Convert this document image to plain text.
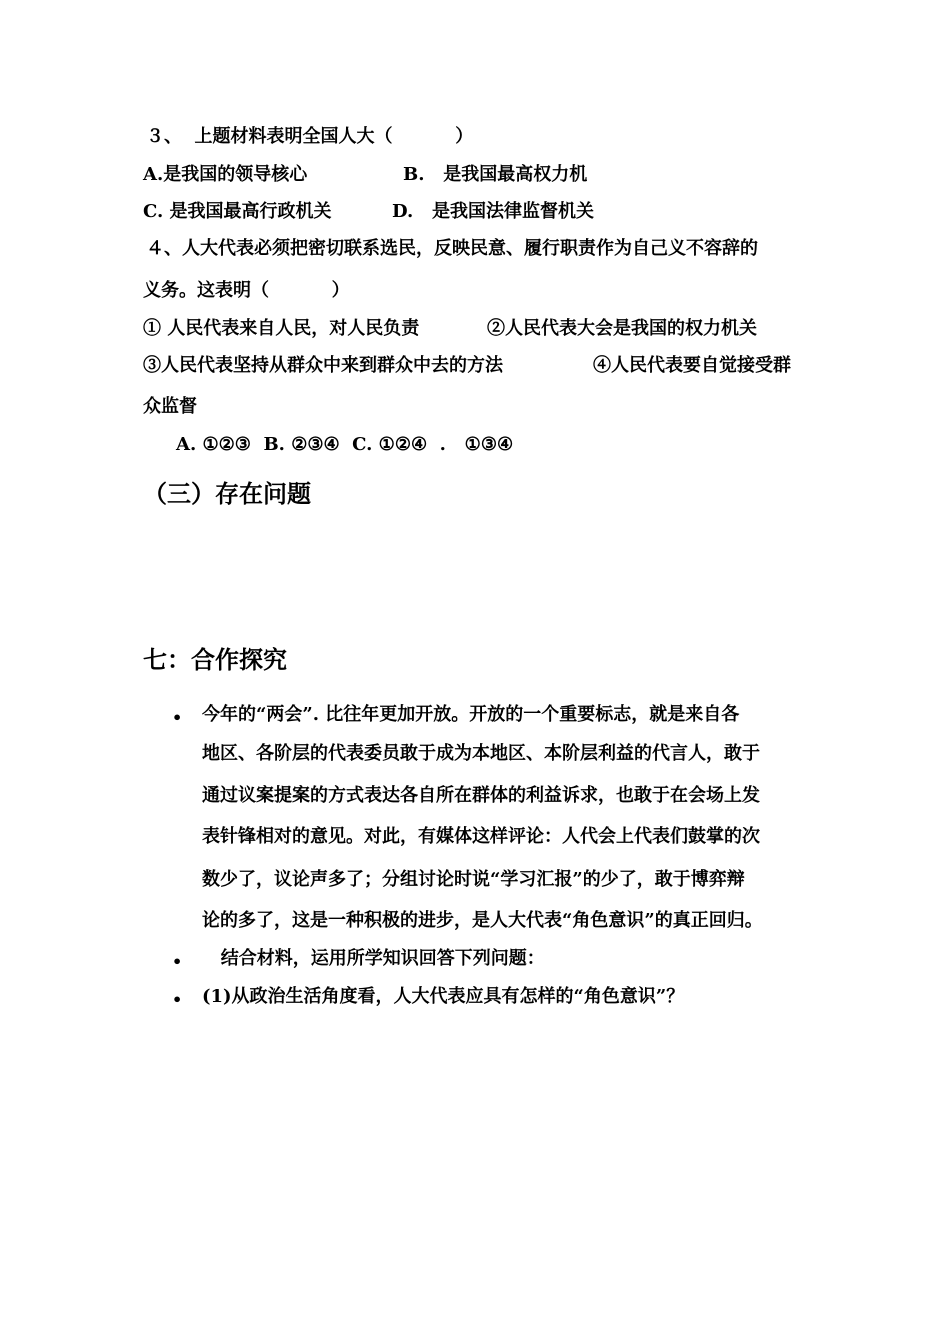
３、  上题材料表明全国人大（          ）
A.是我国的领导核心	B.   是我国最高权力机
C. 是我国最高行政机关	D.   是我国法律监督机关
４、人大代表必须把密切联系选民，反映民意、履行职责作为自己义不容辞的
义务。这表明（          ）
① 人民代表来自人民，对人民负责	②人民代表大会是我国的权力机关
③人民代表坚持从群众中来到群众中去的方法	④人民代表要自觉接受群
众监督
A. ①②③  B. ②③④  C. ①②④  .   ①③④
（三）存在问题
七：合作探究
• 今年的“两会”. 比往年更加开放。开放的一个重要标志，就是来自各
地区、各阶层的代表委员敢于成为本地区、本阶层利益的代言人，敢于
通过议案提案的方式表达各自所在群体的利益诉求，也敢于在会场上发
表针锋相对的意见。对此，有媒体这样评论：人代会上代表们鼓掌的次
数少了，议论声多了；分组讨论时说“学习汇报”的少了，敢于博弈辩
论的多了，这是一种积极的进步，是人大代表“角色意识”的真正回归。
• 结合材料，运用所学知识回答下列问题：
• (1)从政治生活角度看，人大代表应具有怎样的“角色意识”？
